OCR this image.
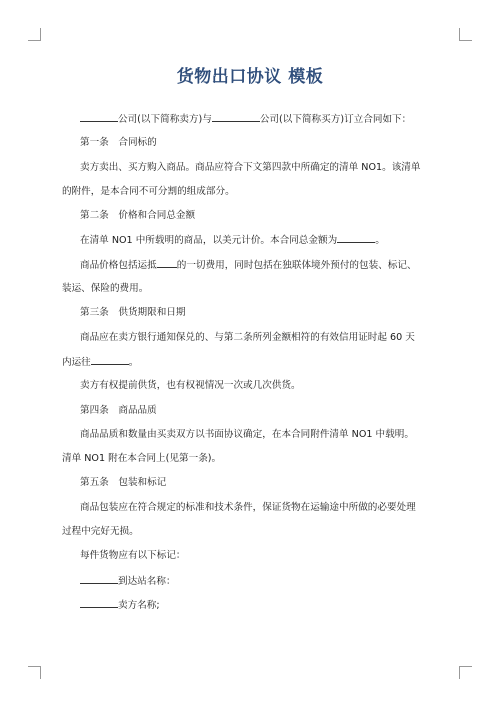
货物出口协议 模板
公司(以下简称卖方)与	公司(以下简称买方)订立合同如下：
第一条　合同标的
卖方卖出、买方购入商品。商品应符合下文第四款中所确定的清单 NO1。该清单
的附件，是本合同不可分割的组成部分。
第二条　价格和合同总金额
在清单 NO1 中所载明的商品，以美元计价。本合同总金额为	。
商品价格包括运抵 的一切费用，同时包括在独联体境外预付的包装、标记、
装运、保险的费用。
第三条　供货期限和日期
商品应在卖方银行通知保兑的、与第二条所列金额相符的有效信用证时起 60 天
内运往	。
卖方有权提前供货，也有权视情况一次或几次供货。
第四条　商品品质
商品品质和数量由买卖双方以书面协议确定，在本合同附件清单 NO1 中载明。
清单 NO1 附在本合同上(见第一条)。
第五条　包装和标记
商品包装应在符合规定的标准和技术条件，保证货物在运输途中所做的必要处理
过程中完好无损。
每件货物应有以下标记：
到达站名称：
卖方名称;
